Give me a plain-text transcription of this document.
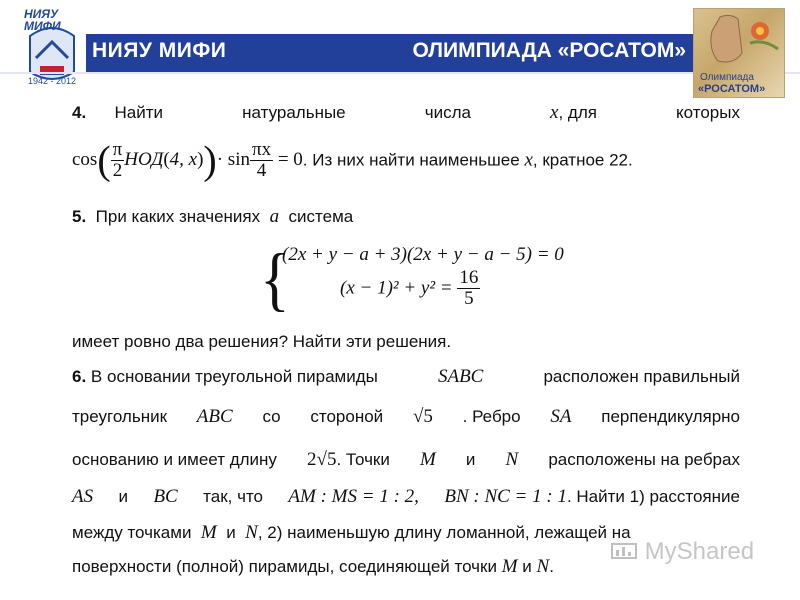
НИЯУ МИФИ
1942 - 2012
НИЯУ МИФИ	ОЛИМПИАДА «РОСАТОМ»
Олимпиада
«РОСАТОМ»
4. Найти	натуральные	числа	x, для	которых
$\cos( \frac{\pi}{2} НОД(4$, $x))\cdot \sin \frac{\pi x}{4} = 0$. Из них найти наименьшее x, кратное 22.
5. При каких значениях a система
{
(2x + y − a + 3)(2x + y − a − 5) = 0
$(x - 1)^2 + y^2 = \frac{16}{5}$
имеет ровно два решения? Найти эти решения.
6. В основании треугольной пирамиды	SABC	расположен правильный
треугольник ABC со стороной √5 . Ребро SA перпендикулярно
основанию и имеет длину 2√5. Точки M и N расположены на ребрах
AS и BC так, что AM : MS = 1 : 2, BN : NC = 1 : 1. Найти 1) расстояние
между точками M и N, 2) наименьшую длину ломанной, лежащей на
поверхности (полной) пирамиды, соединяющей точки M и N.
MyShared
